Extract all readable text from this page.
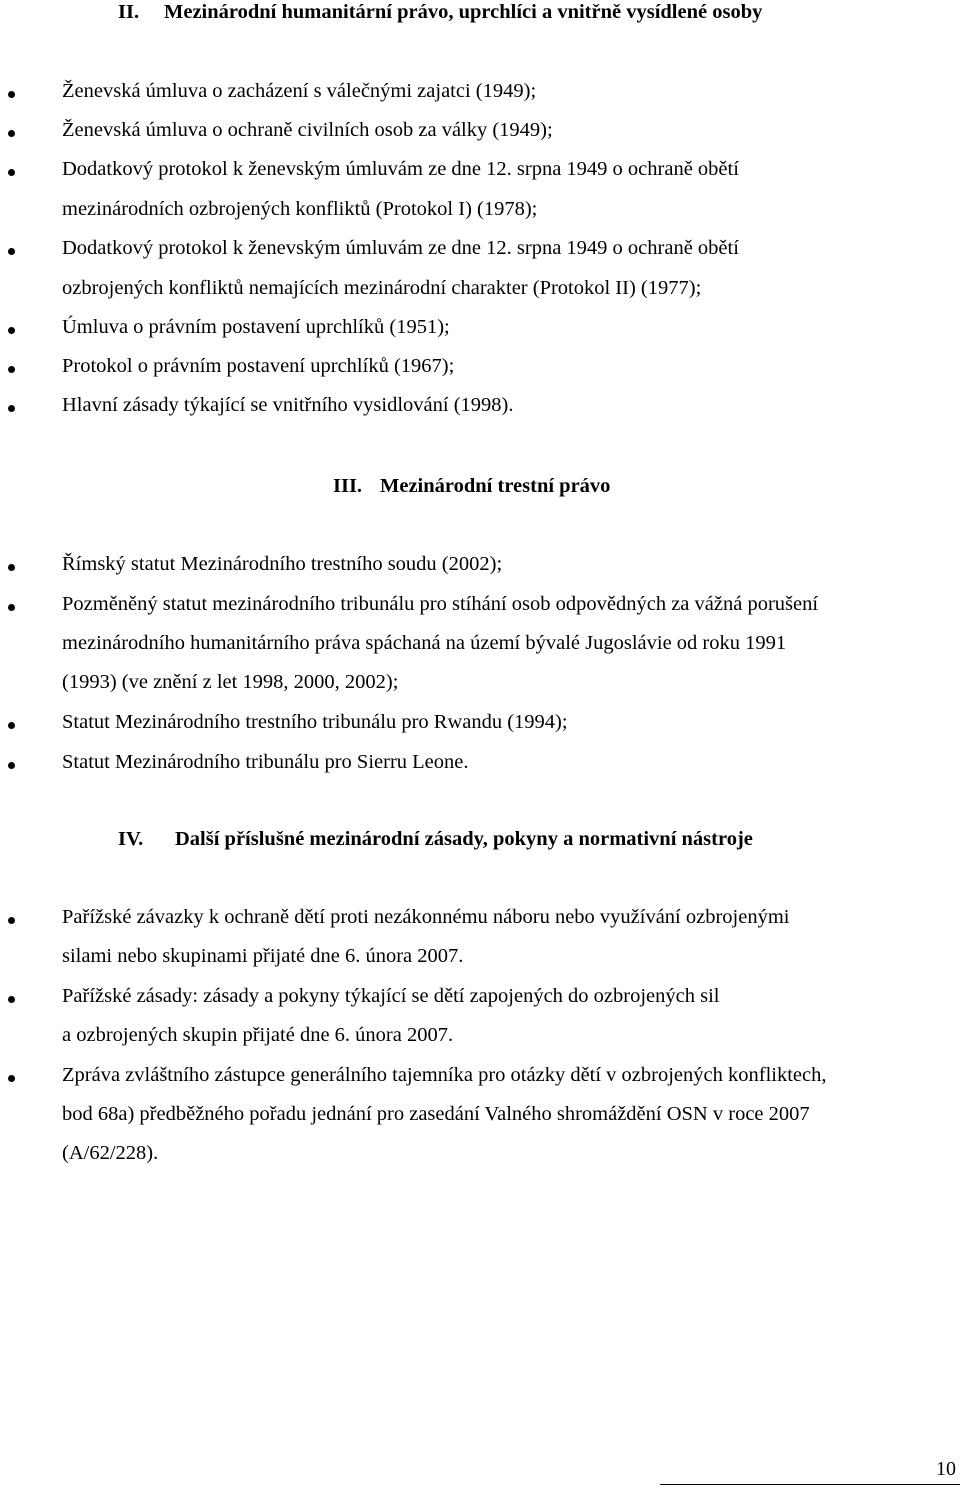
II. Mezinárodní humanitární právo, uprchlíci a vnitřně vysídlené osoby
Ženevská úmluva o zacházení s válečnými zajatci (1949);
Ženevská úmluva o ochraně civilních osob za války (1949);
Dodatkový protokol k ženevským úmluvám ze dne 12. srpna 1949 o ochraně obětí
mezinárodních ozbrojených konfliktů (Protokol I) (1978);
Dodatkový protokol k ženevským úmluvám ze dne 12. srpna 1949 o ochraně obětí
ozbrojených konfliktů nemajících mezinárodní charakter (Protokol II) (1977);
Úmluva o právním postavení uprchlíků (1951);
Protokol o právním postavení uprchlíků (1967);
Hlavní zásady týkající se vnitřního vysidlování (1998).
III. Mezinárodní trestní právo
Římský statut Mezinárodního trestního soudu (2002);
Pozměněný statut mezinárodního tribunálu pro stíhání osob odpovědných za vážná porušení
mezinárodního humanitárního práva spáchaná na území bývalé Jugoslávie od roku 1991
(1993) (ve znění z let 1998, 2000, 2002);
Statut Mezinárodního trestního tribunálu pro Rwandu (1994);
Statut Mezinárodního tribunálu pro Sierru Leone.
IV. Další příslušné mezinárodní zásady, pokyny a normativní nástroje
Pařížské závazky k ochraně dětí proti nezákonnému náboru nebo využívání ozbrojenými
silami nebo skupinami přijaté dne 6. února 2007.
Pařížské zásady: zásady a pokyny týkající se dětí zapojených do ozbrojených sil
a ozbrojených skupin přijaté dne 6. února 2007.
Zpráva zvláštního zástupce generálního tajemníka pro otázky dětí v ozbrojených konfliktech,
bod 68a) předběžného pořadu jednání pro zasedání Valného shromáždění OSN v roce 2007
(A/62/228).
10
